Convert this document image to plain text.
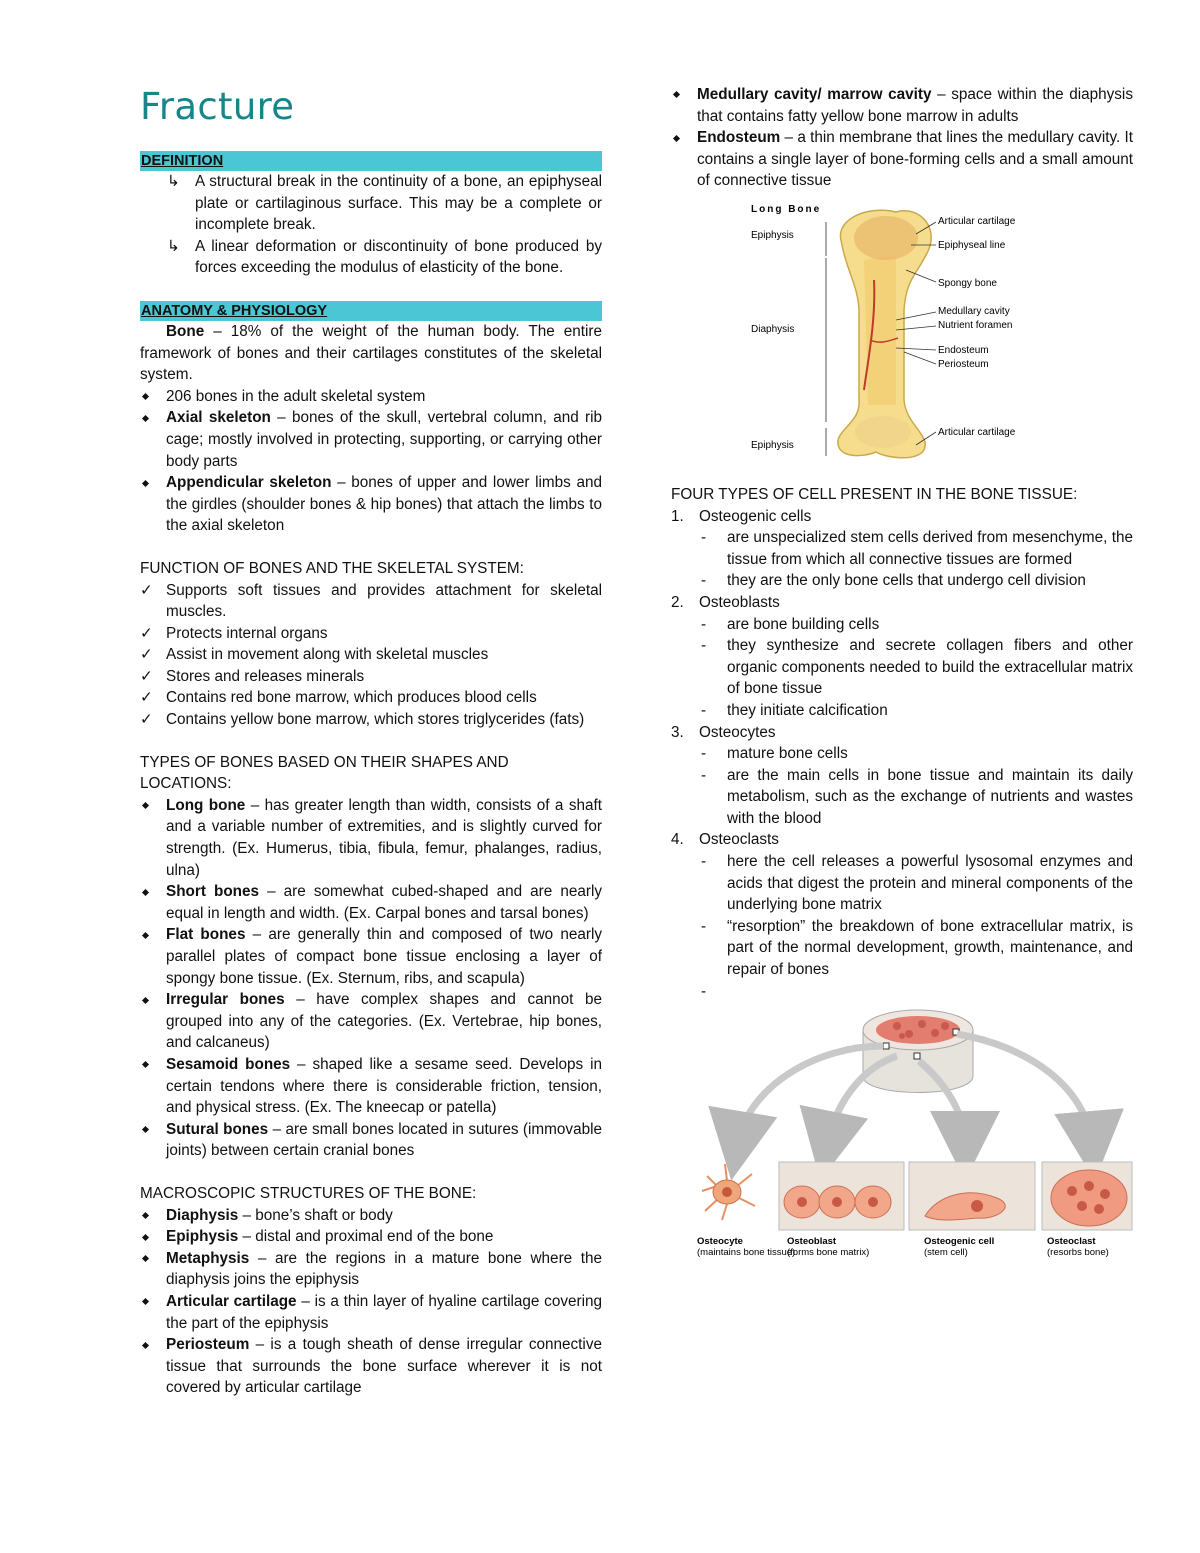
Fracture
DEFINITION
↳ A structural break in the continuity of a bone, an epiphyseal plate or cartilaginous surface. This may be a complete or incomplete break.
↳ A linear deformation or discontinuity of bone produced by forces exceeding the modulus of elasticity of the bone.
ANATOMY & PHYSIOLOGY
Bone – 18% of the weight of the human body. The entire framework of bones and their cartilages constitutes of the skeletal system.
206 bones in the adult skeletal system
Axial skeleton – bones of the skull, vertebral column, and rib cage; mostly involved in protecting, supporting, or carrying other body parts
Appendicular skeleton – bones of upper and lower limbs and the girdles (shoulder bones & hip bones) that attach the limbs to the axial skeleton
FUNCTION OF BONES AND THE SKELETAL SYSTEM:
✓ Supports soft tissues and provides attachment for skeletal muscles.
✓ Protects internal organs
✓ Assist in movement along with skeletal muscles
✓ Stores and releases minerals
✓ Contains red bone marrow, which produces blood cells
✓ Contains yellow bone marrow, which stores triglycerides (fats)
TYPES OF BONES BASED ON THEIR SHAPES AND LOCATIONS:
Long bone – has greater length than width, consists of a shaft and a variable number of extremities, and is slightly curved for strength. (Ex. Humerus, tibia, fibula, femur, phalanges, radius, ulna)
Short bones – are somewhat cubed-shaped and are nearly equal in length and width. (Ex. Carpal bones and tarsal bones)
Flat bones – are generally thin and composed of two nearly parallel plates of compact bone tissue enclosing a layer of spongy bone tissue. (Ex. Sternum, ribs, and scapula)
Irregular bones – have complex shapes and cannot be grouped into any of the categories. (Ex. Vertebrae, hip bones, and calcaneus)
Sesamoid bones – shaped like a sesame seed. Develops in certain tendons where there is considerable friction, tension, and physical stress. (Ex. The kneecap or patella)
Sutural bones – are small bones located in sutures (immovable joints) between certain cranial bones
MACROSCOPIC STRUCTURES OF THE BONE:
Diaphysis – bone’s shaft or body
Epiphysis – distal and proximal end of the bone
Metaphysis – are the regions in a mature bone where the diaphysis joins the epiphysis
Articular cartilage – is a thin layer of hyaline cartilage covering the part of the epiphysis
Periosteum – is a tough sheath of dense irregular connective tissue that surrounds the bone surface wherever it is not covered by articular cartilage
Medullary cavity/ marrow cavity – space within the diaphysis that contains fatty yellow bone marrow in adults
Endosteum – a thin membrane that lines the medullary cavity. It contains a single layer of bone-forming cells and a small amount of connective tissue
Long Bone
Epiphysis
Diaphysis
Epiphysis
Articular cartilage
Epiphyseal line
Spongy bone
Medullary cavity
Nutrient foramen
Endosteum
Periosteum
Articular cartilage
FOUR TYPES OF CELL PRESENT IN THE BONE TISSUE:
1. Osteogenic cells
- are unspecialized stem cells derived from mesenchyme, the tissue from which all connective tissues are formed
- they are the only bone cells that undergo cell division
2. Osteoblasts
- are bone building cells
- they synthesize and secrete collagen fibers and other organic components needed to build the extracellular matrix of bone tissue
- they initiate calcification
3. Osteocytes
- mature bone cells
- are the main cells in bone tissue and maintain its daily metabolism, such as the exchange of nutrients and wastes with the blood
4. Osteoclasts
- here the cell releases a powerful lysosomal enzymes and acids that digest the protein and mineral components of the underlying bone matrix
- “resorption” the breakdown of bone extracellular matrix, is part of the normal development, growth, maintenance, and repair of bones
-
Osteocyte
(maintains bone tissue)
Osteoblast
(forms bone matrix)
Osteogenic cell
(stem cell)
Osteoclast
(resorbs bone)
